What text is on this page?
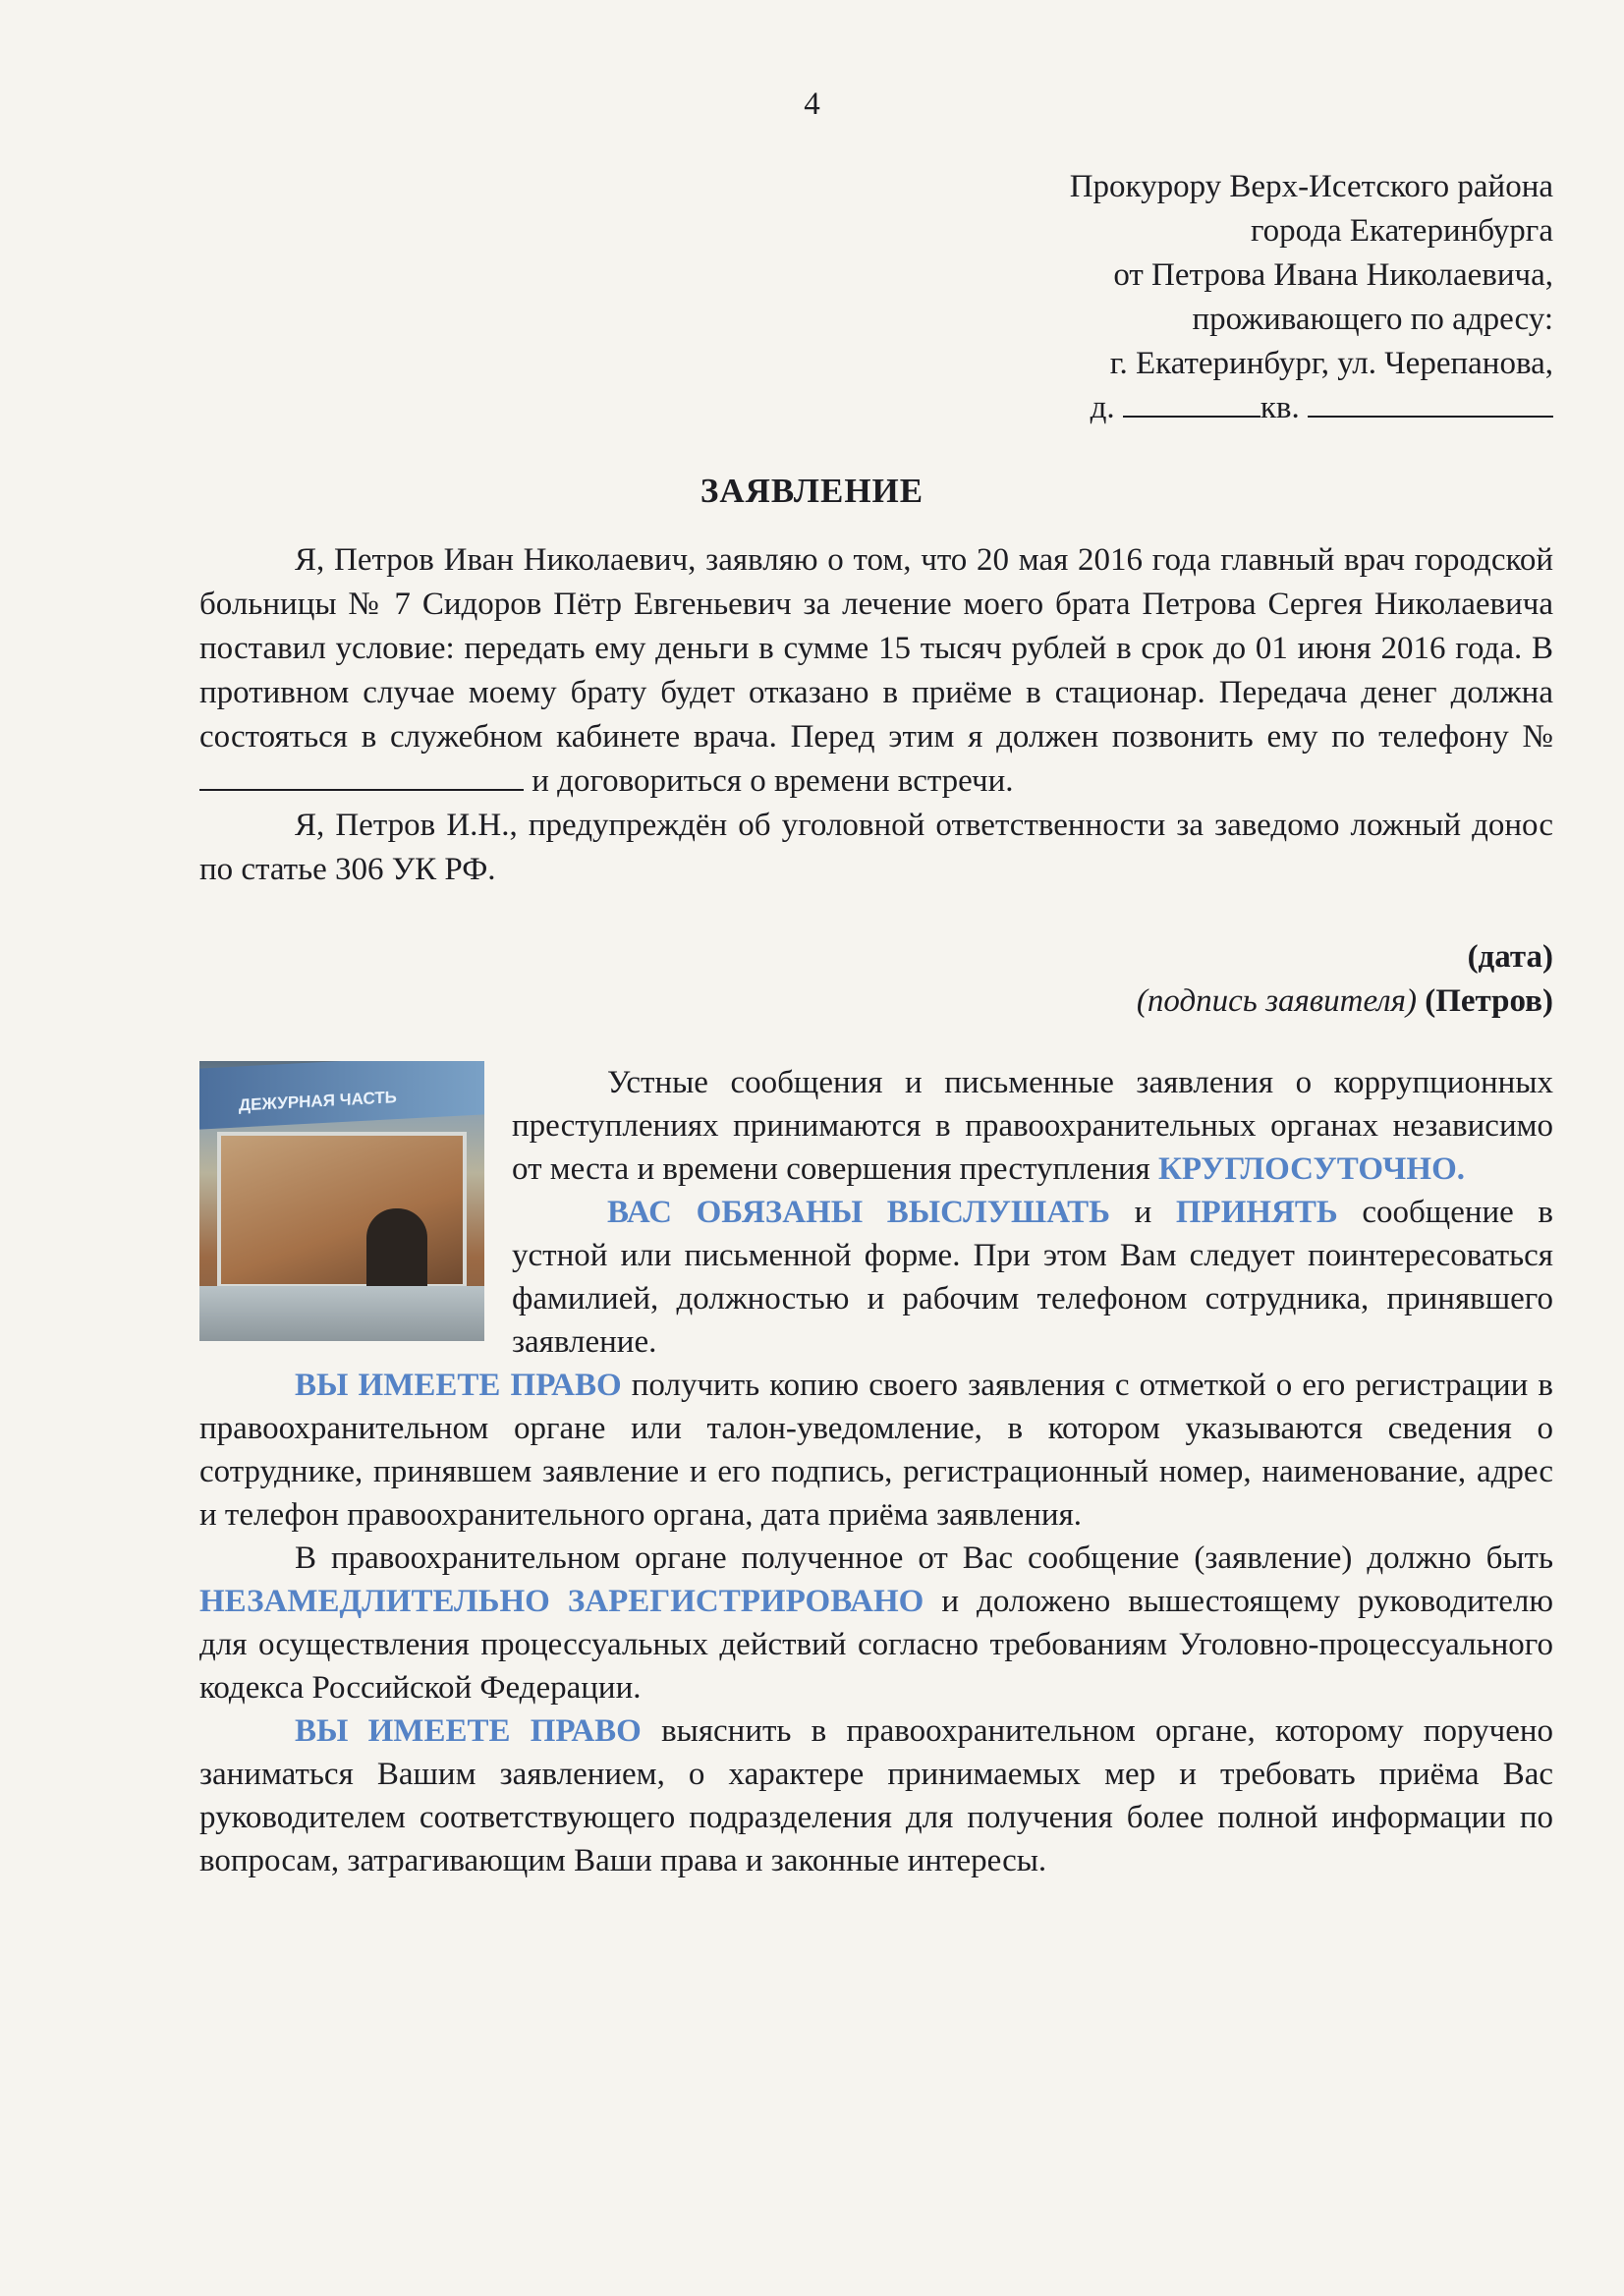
4
Прокурору Верх-Исетского района
города Екатеринбурга
от Петрова Ивана Николаевича,
проживающего по адресу:
г. Екатеринбург, ул. Черепанова,
д.	кв.
ЗАЯВЛЕНИЕ

Я, Петров Иван Николаевич, заявляю о том, что 20 мая 2016 года главный врач городской больницы № 7 Сидоров Пётр Евгеньевич за лечение моего брата Петрова Сергея Николаевича поставил условие: передать ему деньги в сумме 15 тысяч рублей в срок до 01 июня 2016 года. В противном случае моему брату будет отказано в приёме в стационар. Передача денег должна состояться в служебном кабинете врача. Перед этим я должен позвонить ему по телефону №  и договориться о времени встречи.

Я, Петров И.Н., предупреждён об уголовной ответственности за заведомо ложный донос по статье 306 УК РФ.

(дата)
(подпись заявителя) (Петров)
ДЕЖУРНАЯ ЧАСТЬ

Устные сообщения и письменные заявления о коррупционных преступлениях принимаются в правоохранительных органах независимо от места и времени совершения преступления КРУГЛОСУТОЧНО.

ВАС ОБЯЗАНЫ ВЫСЛУШАТЬ и ПРИНЯТЬ сообщение в устной или письменной форме. При этом Вам следует поинтересоваться фамилией, должностью и рабочим телефоном сотрудника, принявшего заявление.

ВЫ ИМЕЕТЕ ПРАВО получить копию своего заявления с отметкой о его регистрации в правоохранительном органе или талон-уведомление, в котором указываются сведения о сотруднике, принявшем заявление и его подпись, регистрационный номер, наименование, адрес и телефон правоохранительного органа, дата приёма заявления.

В правоохранительном органе полученное от Вас сообщение (заявление) должно быть НЕЗАМЕДЛИТЕЛЬНО ЗАРЕГИСТРИРОВАНО и доложено вышестоящему руководителю для осуществления процессуальных действий согласно требованиям Уголовно-процессуального кодекса Российской Федерации.

ВЫ ИМЕЕТЕ ПРАВО выяснить в правоохранительном органе, которому поручено заниматься Вашим заявлением, о характере принимаемых мер и требовать приёма Вас руководителем соответствующего подразделения для получения более полной информации по вопросам, затрагивающим Ваши права и законные интересы.
